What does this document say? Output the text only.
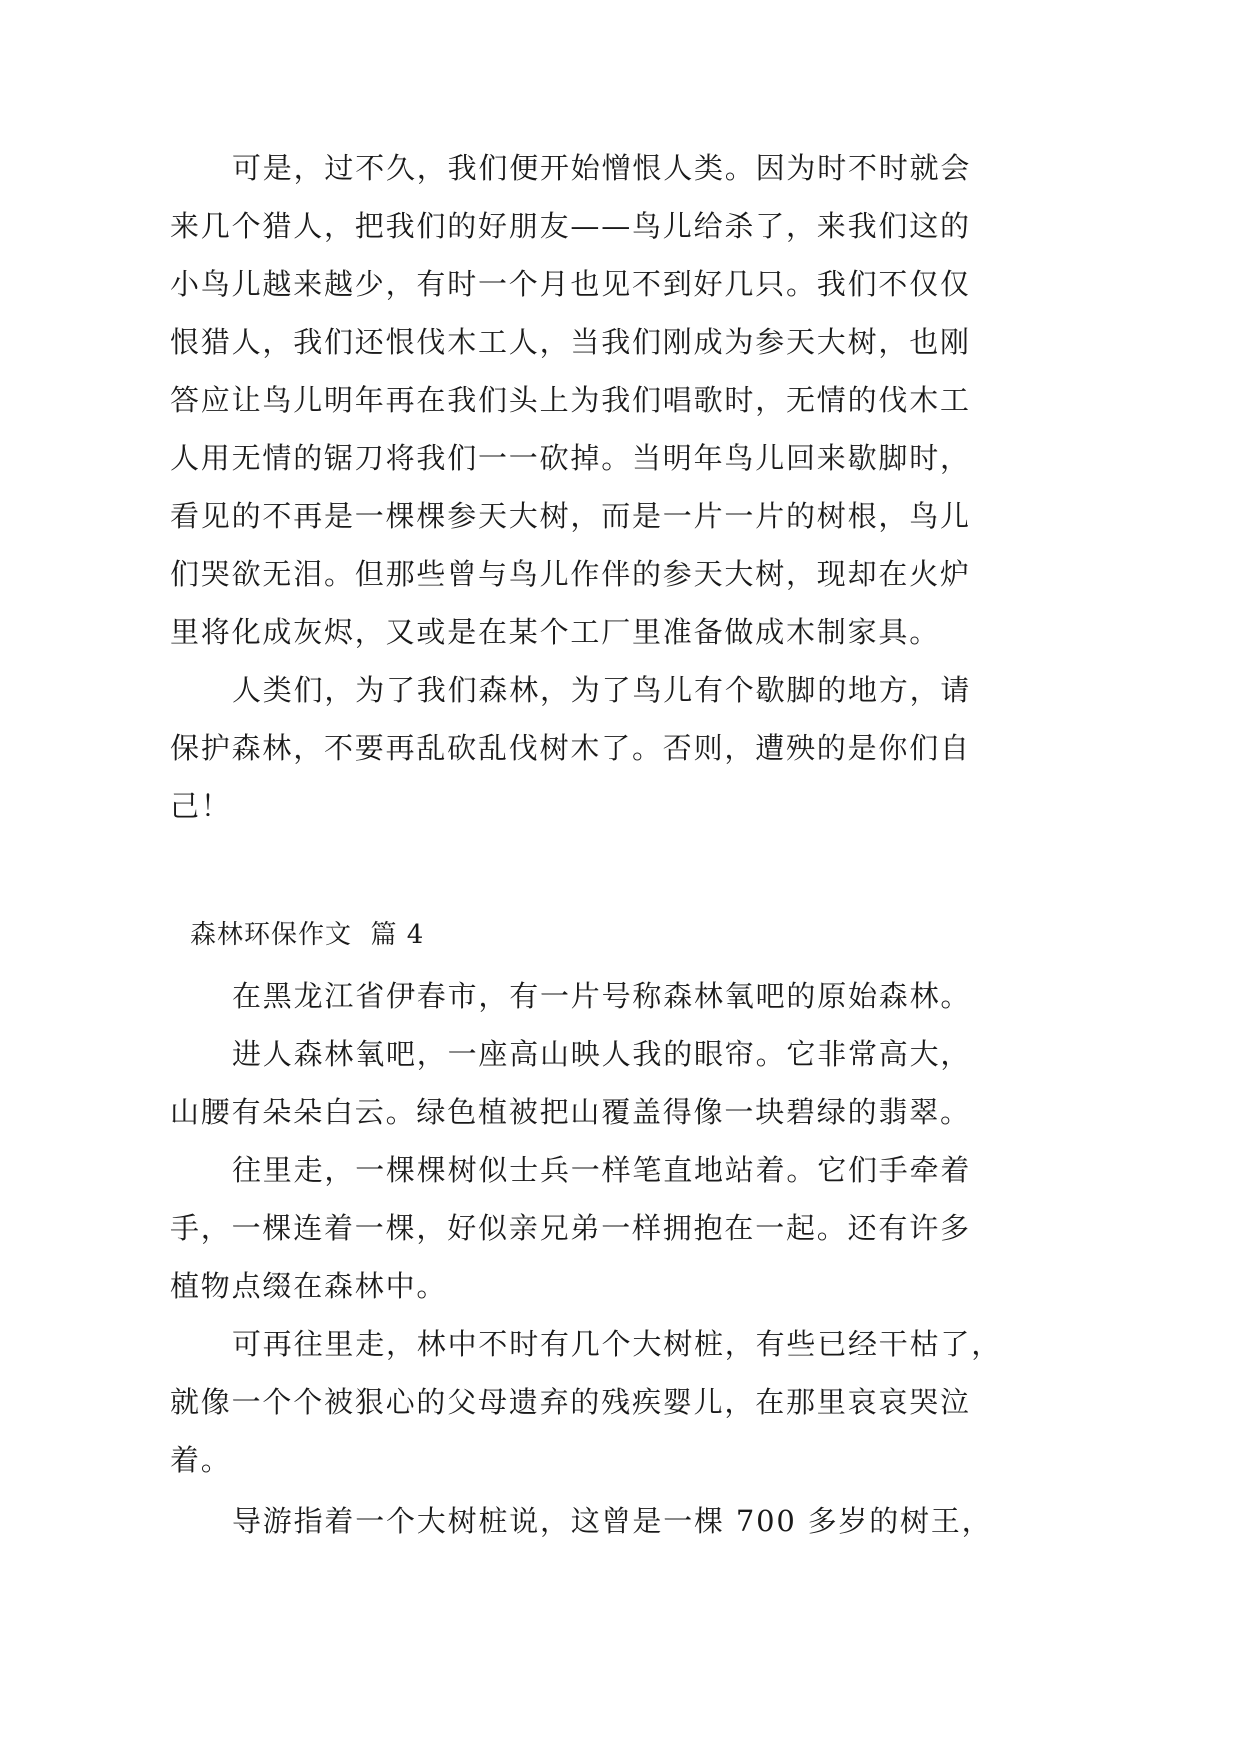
可是，过不久，我们便开始憎恨人类。因为时不时就会
来几个猎人，把我们的好朋友——鸟儿给杀了，来我们这的
小鸟儿越来越少，有时一个月也见不到好几只。我们不仅仅
恨猎人，我们还恨伐木工人，当我们刚成为参天大树，也刚
答应让鸟儿明年再在我们头上为我们唱歌时，无情的伐木工
人用无情的锯刀将我们一一砍掉。当明年鸟儿回来歇脚时，
看见的不再是一棵棵参天大树，而是一片一片的树根，鸟儿
们哭欲无泪。但那些曾与鸟儿作伴的参天大树，现却在火炉
里将化成灰烬，又或是在某个工厂里准备做成木制家具。
人类们，为了我们森林，为了鸟儿有个歇脚的地方，请
保护森林，不要再乱砍乱伐树木了。否则，遭殃的是你们自
己！
森林环保作文  篇 4
在黑龙江省伊春市，有一片号称森林氧吧的原始森林。
进人森林氧吧，一座高山映人我的眼帘。它非常高大，
山腰有朵朵白云。绿色植被把山覆盖得像一块碧绿的翡翠。
往里走，一棵棵树似士兵一样笔直地站着。它们手牵着
手，一棵连着一棵，好似亲兄弟一样拥抱在一起。还有许多
植物点缀在森林中。
可再往里走，林中不时有几个大树桩，有些已经干枯了，
就像一个个被狠心的父母遗弃的残疾婴儿，在那里哀哀哭泣
着。
导游指着一个大树桩说，这曾是一棵 700 多岁的树王，
